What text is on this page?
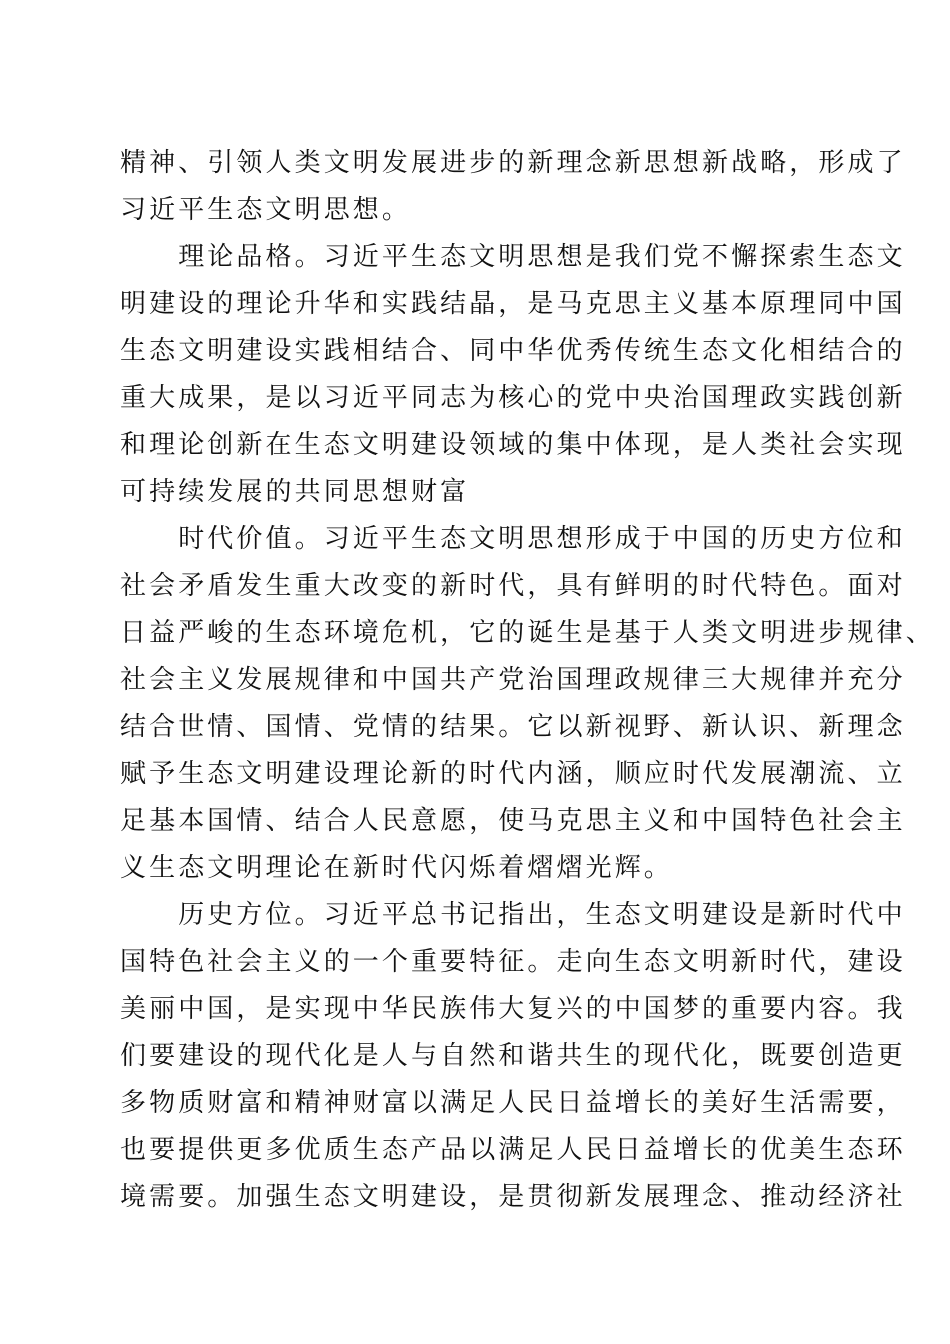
精神、引领人类文明发展进步的新理念新思想新战略，形成了
习近平生态文明思想。
　　理论品格。习近平生态文明思想是我们党不懈探索生态文
明建设的理论升华和实践结晶，是马克思主义基本原理同中国
生态文明建设实践相结合、同中华优秀传统生态文化相结合的
重大成果，是以习近平同志为核心的党中央治国理政实践创新
和理论创新在生态文明建设领域的集中体现，是人类社会实现
可持续发展的共同思想财富
　　时代价值。习近平生态文明思想形成于中国的历史方位和
社会矛盾发生重大改变的新时代，具有鲜明的时代特色。面对
日益严峻的生态环境危机，它的诞生是基于人类文明进步规律、
社会主义发展规律和中国共产党治国理政规律三大规律并充分
结合世情、国情、党情的结果。它以新视野、新认识、新理念
赋予生态文明建设理论新的时代内涵，顺应时代发展潮流、立
足基本国情、结合人民意愿，使马克思主义和中国特色社会主
义生态文明理论在新时代闪烁着熠熠光辉。
　　历史方位。习近平总书记指出，生态文明建设是新时代中
国特色社会主义的一个重要特征。走向生态文明新时代，建设
美丽中国，是实现中华民族伟大复兴的中国梦的重要内容。我
们要建设的现代化是人与自然和谐共生的现代化，既要创造更
多物质财富和精神财富以满足人民日益增长的美好生活需要，
也要提供更多优质生态产品以满足人民日益增长的优美生态环
境需要。加强生态文明建设，是贯彻新发展理念、推动经济社
